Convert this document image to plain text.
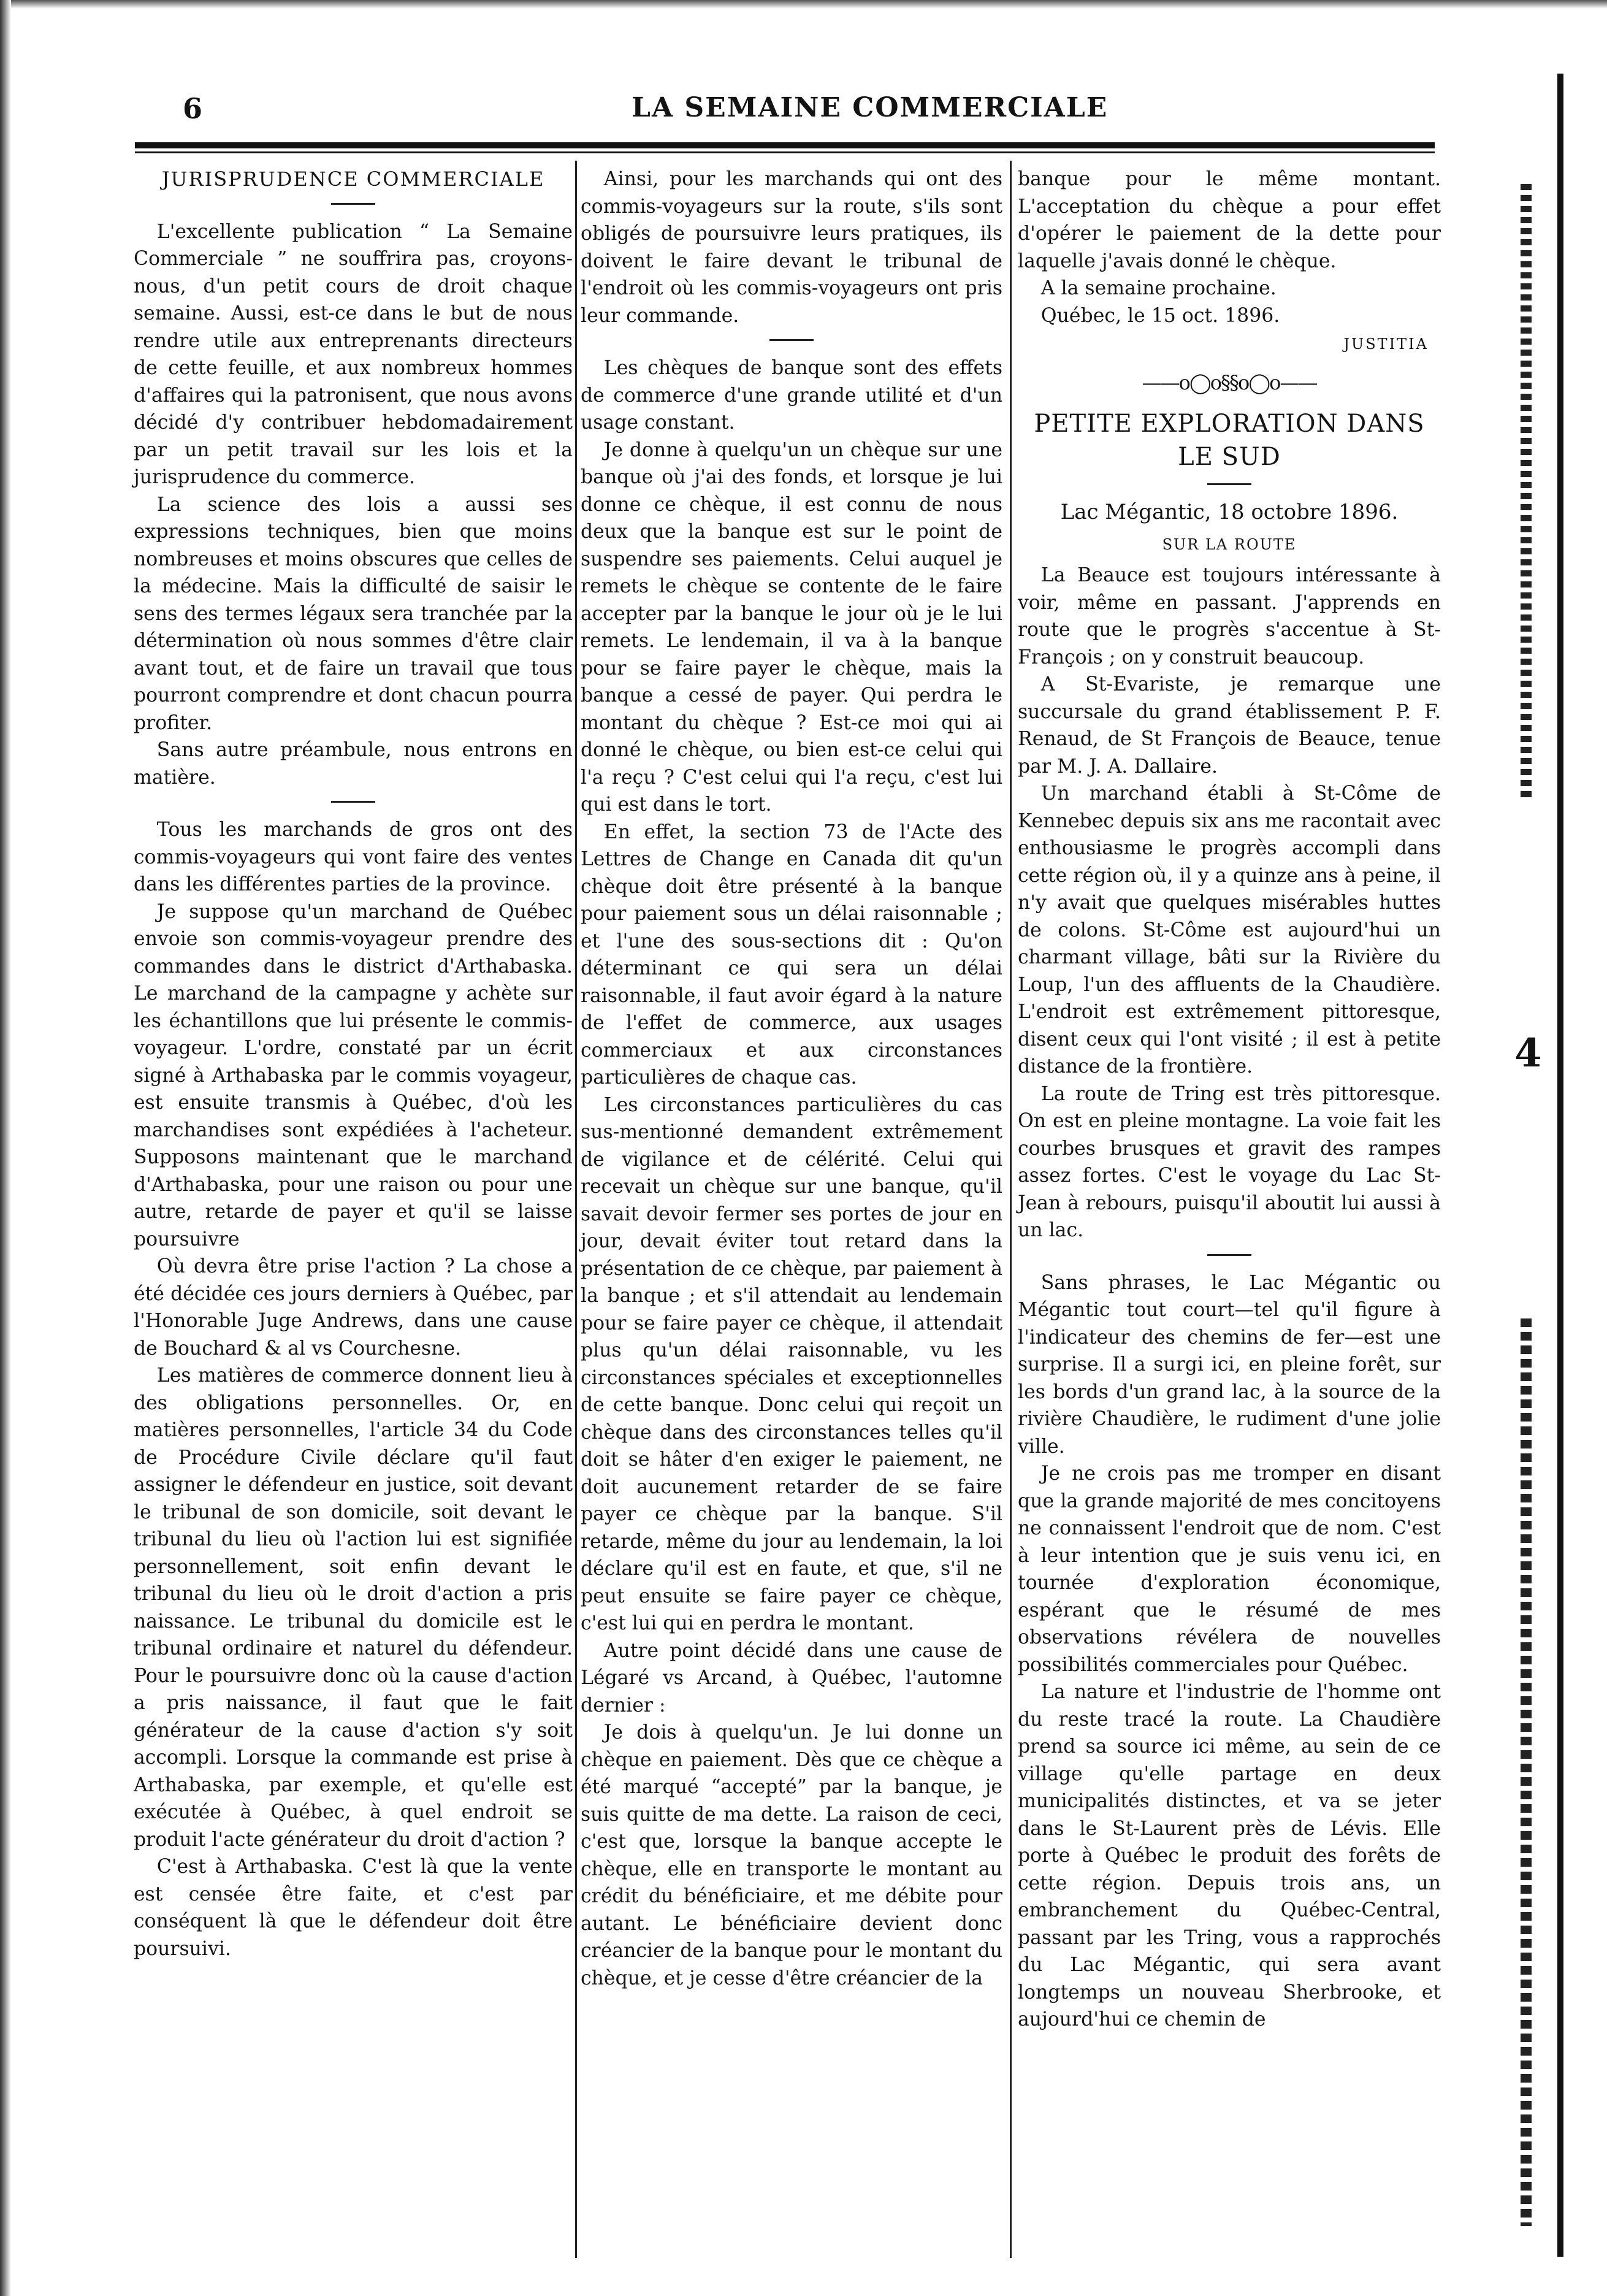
6	LA SEMAINE COMMERCIALE
JURISPRUDENCE COMMERCIALE

L'excellente publication “ La Semaine Commerciale ” ne souffrira pas, croyons-nous, d'un petit cours de droit chaque semaine. Aussi, est-ce dans le but de nous rendre utile aux entreprenants directeurs de cette feuille, et aux nombreux hommes d'affaires qui la patronisent, que nous avons décidé d'y contribuer hebdomadairement par un petit travail sur les lois et la jurisprudence du commerce.

La science des lois a aussi ses expressions techniques, bien que moins nombreuses et moins obscures que celles de la médecine. Mais la difficulté de saisir le sens des termes légaux sera tranchée par la détermination où nous sommes d'être clair avant tout, et de faire un travail que tous pourront comprendre et dont chacun pourra profiter.

Sans autre préambule, nous entrons en matière.

Tous les marchands de gros ont des commis-voyageurs qui vont faire des ventes dans les différentes parties de la province.

Je suppose qu'un marchand de Québec envoie son commis-voyageur prendre des commandes dans le district d'Arthabaska. Le marchand de la campagne y achète sur les échantillons que lui présente le commis-voyageur. L'ordre, constaté par un écrit signé à Arthabaska par le commis voyageur, est ensuite transmis à Québec, d'où les marchandises sont expédiées à l'acheteur. Supposons maintenant que le marchand d'Arthabaska, pour une raison ou pour une autre, retarde de payer et qu'il se laisse poursuivre

Où devra être prise l'action ? La chose a été décidée ces jours derniers à Québec, par l'Honorable Juge Andrews, dans une cause de Bouchard & al vs Courchesne.

Les matières de commerce donnent lieu à des obligations personnelles. Or, en matières personnelles, l'article 34 du Code de Procédure Civile déclare qu'il faut assigner le défendeur en justice, soit devant le tribunal de son domicile, soit devant le tribunal du lieu où l'action lui est signifiée personnellement, soit enfin devant le tribunal du lieu où le droit d'action a pris naissance. Le tribunal du domicile est le tribunal ordinaire et naturel du défendeur. Pour le poursuivre donc où la cause d'action a pris naissance, il faut que le fait générateur de la cause d'action s'y soit accompli. Lorsque la commande est prise à Arthabaska, par exemple, et qu'elle est exécutée à Québec, à quel endroit se produit l'acte générateur du droit d'action ?

C'est à Arthabaska. C'est là que la vente est censée être faite, et c'est par conséquent là que le défendeur doit être poursuivi.

Ainsi, pour les marchands qui ont des commis-voyageurs sur la route, s'ils sont obligés de poursuivre leurs pratiques, ils doivent le faire devant le tribunal de l'endroit où les commis-voyageurs ont pris leur commande.

Les chèques de banque sont des effets de commerce d'une grande utilité et d'un usage constant.

Je donne à quelqu'un un chèque sur une banque où j'ai des fonds, et lorsque je lui donne ce chèque, il est connu de nous deux que la banque est sur le point de suspendre ses paiements. Celui auquel je remets le chèque se contente de le faire accepter par la banque le jour où je le lui remets. Le lendemain, il va à la banque pour se faire payer le chèque, mais la banque a cessé de payer. Qui perdra le montant du chèque ? Est-ce moi qui ai donné le chèque, ou bien est-ce celui qui l'a reçu ? C'est celui qui l'a reçu, c'est lui qui est dans le tort.

En effet, la section 73 de l'Acte des Lettres de Change en Canada dit qu'un chèque doit être présenté à la banque pour paiement sous un délai raisonnable ; et l'une des sous-sections dit : Qu'on déterminant ce qui sera un délai raisonnable, il faut avoir égard à la nature de l'effet de commerce, aux usages commerciaux et aux circonstances particulières de chaque cas.

Les circonstances particulières du cas sus-mentionné demandent extrêmement de vigilance et de célérité. Celui qui recevait un chèque sur une banque, qu'il savait devoir fermer ses portes de jour en jour, devait éviter tout retard dans la présentation de ce chèque, par paiement à la banque ; et s'il attendait au lendemain pour se faire payer ce chèque, il attendait plus qu'un délai raisonnable, vu les circonstances spéciales et exceptionnelles de cette banque. Donc celui qui reçoit un chèque dans des circonstances telles qu'il doit se hâter d'en exiger le paiement, ne doit aucunement retarder de se faire payer ce chèque par la banque. S'il retarde, même du jour au lendemain, la loi déclare qu'il est en faute, et que, s'il ne peut ensuite se faire payer ce chèque, c'est lui qui en perdra le montant.

Autre point décidé dans une cause de Légaré vs Arcand, à Québec, l'automne dernier :

Je dois à quelqu'un. Je lui donne un chèque en paiement. Dès que ce chèque a été marqué “accepté” par la banque, je suis quitte de ma dette. La raison de ceci, c'est que, lorsque la banque accepte le chèque, elle en transporte le montant au crédit du bénéficiaire, et me débite pour autant. Le bénéficiaire devient donc créancier de la banque pour le montant du chèque, et je cesse d'être créancier de la

banque pour le même montant. L'acceptation du chèque a pour effet d'opérer le paiement de la dette pour laquelle j'avais donné le chèque.

A la semaine prochaine.

Québec, le 15 oct. 1896.

JUSTITIA
——o◯o§§o◯o——
PETITE EXPLORATION DANS LE SUD
Lac Mégantic, 18 octobre 1896.
SUR LA ROUTE

La Beauce est toujours intéressante à voir, même en passant. J'apprends en route que le progrès s'accentue à St-François ; on y construit beaucoup.

A St-Evariste, je remarque une succursale du grand établissement P. F. Renaud, de St François de Beauce, tenue par M. J. A. Dallaire.

Un marchand établi à St-Côme de Kennebec depuis six ans me racontait avec enthousiasme le progrès accompli dans cette région où, il y a quinze ans à peine, il n'y avait que quelques misérables huttes de colons. St-Côme est aujourd'hui un charmant village, bâti sur la Rivière du Loup, l'un des affluents de la Chaudière. L'endroit est extrêmement pittoresque, disent ceux qui l'ont visité ; il est à petite distance de la frontière.

La route de Tring est très pittoresque. On est en pleine montagne. La voie fait les courbes brusques et gravit des rampes assez fortes. C'est le voyage du Lac St-Jean à rebours, puisqu'il aboutit lui aussi à un lac.

Sans phrases, le Lac Mégantic ou Mégantic tout court—tel qu'il figure à l'indicateur des chemins de fer—est une surprise. Il a surgi ici, en pleine forêt, sur les bords d'un grand lac, à la source de la rivière Chaudière, le rudiment d'une jolie ville.

Je ne crois pas me tromper en disant que la grande majorité de mes concitoyens ne connaissent l'endroit que de nom. C'est à leur intention que je suis venu ici, en tournée d'exploration économique, espérant que le résumé de mes observations révélera de nouvelles possibilités commerciales pour Québec.

La nature et l'industrie de l'homme ont du reste tracé la route. La Chaudière prend sa source ici même, au sein de ce village qu'elle partage en deux municipalités distinctes, et va se jeter dans le St-Laurent près de Lévis. Elle porte à Québec le produit des forêts de cette région. Depuis trois ans, un embranchement du Québec-Central, passant par les Tring, vous a rapprochés du Lac Mégantic, qui sera avant longtemps un nouveau Sherbrooke, et aujourd'hui ce chemin de

4
